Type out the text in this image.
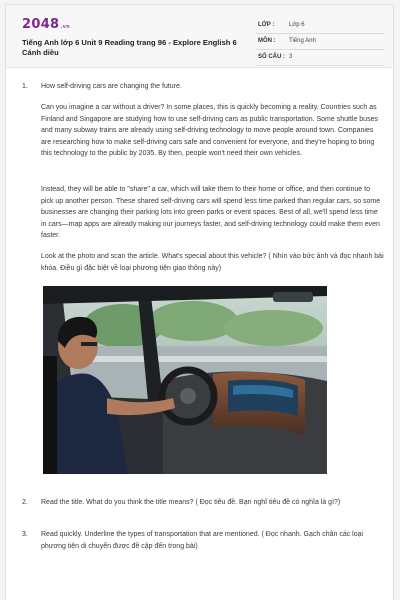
2048.vn
Tiếng Anh lớp 6 Unit 9 Reading trang 96 - Explore English 6 Cánh diều
LỚP : Lớp 6
MÔN : Tiếng Anh
SỐ CÂU : 3
1. How self-driving cars are changing the future.
Can you imagine a car without a driver? In some places, this is quickly becoming a reality. Countries such as Finland and Singapore are studying how to use self-driving cars as public transportation. Some shuttle buses and many subway trains are already using self-driving technology to move people around town. Companies are researching how to make self-driving cars safe and convenient for everyone, and they're hoping to bring this technology to the public by 2035. By then, people won't need their own vehicles.
Instead, they will be able to "share" a car, which will take them to their home or office, and then continue to pick up another person. These shared self-driving cars will spend less time parked than regular cars, so some businesses are changing their parking lots into green parks or event spaces. Best of all, we'll spend less time in cars—map apps are already making our journeys faster, and self-driving technology could make them even faster.
Look at the photo and scan the article. What's special about this vehicle? ( Nhìn vào bức ảnh và đọc nhanh bài khóa. Điều gì đặc biệt về loại phương tiện giao thông này)
2. Read the title. What do you think the title means? ( Đọc tiêu đề. Bạn nghĩ tiêu đề có nghĩa là gì?)
3. Read quickly. Underline the types of transportation that are mentioned. ( Đọc nhanh. Gạch chân các loại phương tiện di chuyển được đề cập đến trong bài)
